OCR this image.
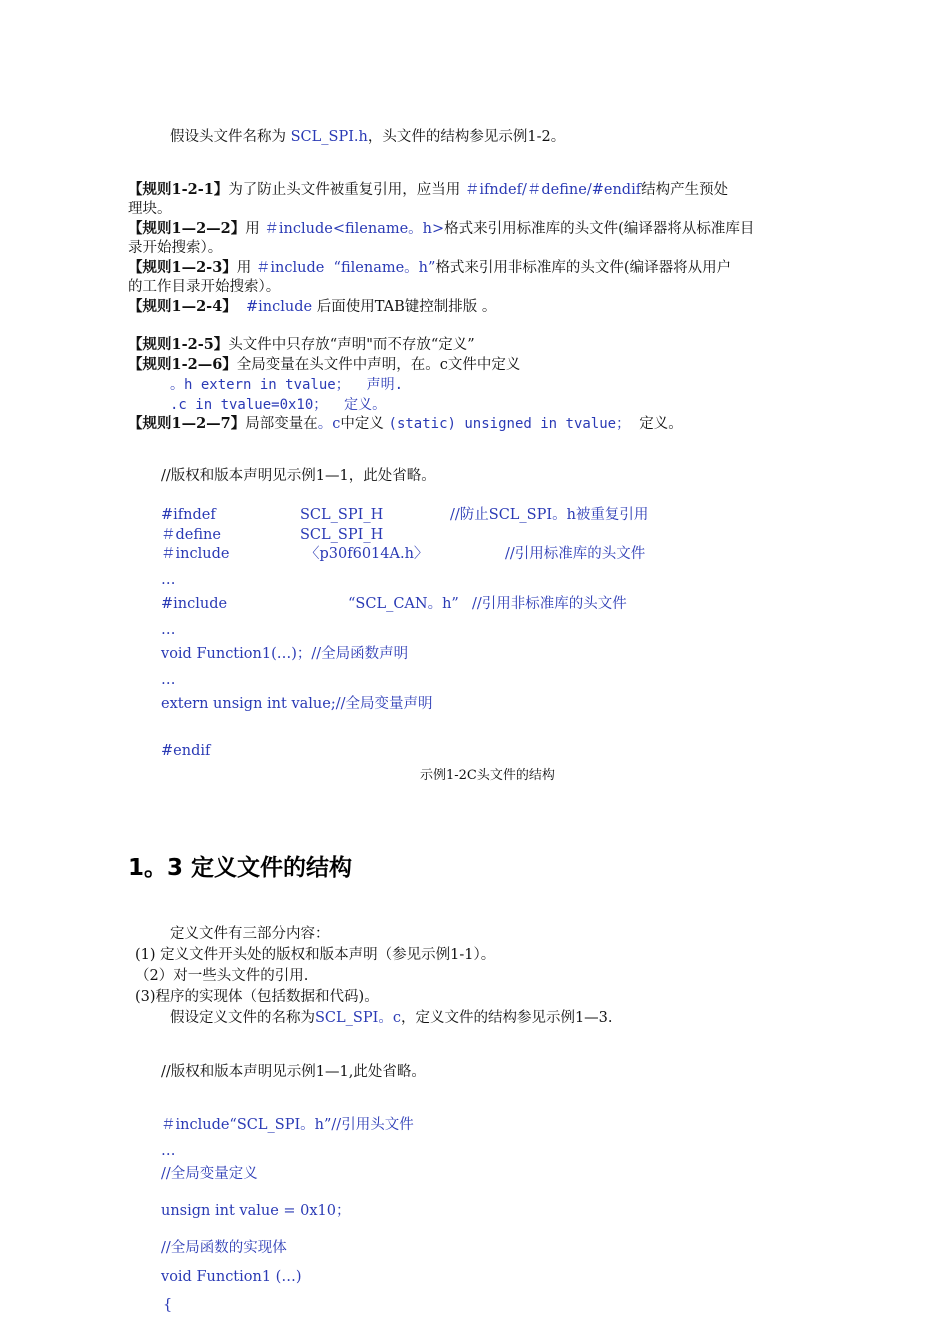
假设头文件名称为 SCL_SPI.h，头文件的结构参见示例1-2。
【规则1-2-1】为了防止头文件被重复引用，应当用 ＃ifndef/＃define/#endif结构产生预处
理块。
【规则1—2—2】用 ＃include<filename。h>格式来引用标准库的头文件(编译器将从标准库目
录开始搜索）。
【规则1—2-3】用 ＃include  “filename。h”格式来引用非标准库的头文件(编译器将从用户
的工作目录开始搜索）。
【规则1—2-4】 #include 后面使用TAB键控制排版 。
【规则1-2-5】头文件中只存放“声明"而不存放“定义”
【规则1-2—6】全局变量在头文件中声明，在。c文件中定义
。h extern in tvalue；  声明.
.c in tvalue=0x10；  定义。
【规则1—2—7】局部变量在。c中定义 (static) unsigned in tvalue；  定义。
//版权和版本声明见示例1—1，此处省略。
#ifndef	SCL_SPI_H	//防止SCL_SPI。h被重复引用
＃define	SCL_SPI_H
＃include	〈p30f6014A.h〉	//引用标准库的头文件
…
#include	“SCL_CAN。h” //引用非标准库的头文件
…
void Function1(…)；//全局函数声明
…
extern unsign int value;//全局变量声明
#endif
示例1-2C头文件的结构
1。3 定义文件的结构
定义文件有三部分内容：
(1) 定义文件开头处的版权和版本声明（参见示例1-1）。
（2）对一些头文件的引用.
(3)程序的实现体（包括数据和代码)。
假设定义文件的名称为SCL_SPI。c，定义文件的结构参见示例1—3.
//版权和版本声明见示例1—1,此处省略。
＃include“SCL_SPI。h”//引用头文件
…
//全局变量定义
unsign int value = 0x10；
//全局函数的实现体
void Function1 (…)
{
